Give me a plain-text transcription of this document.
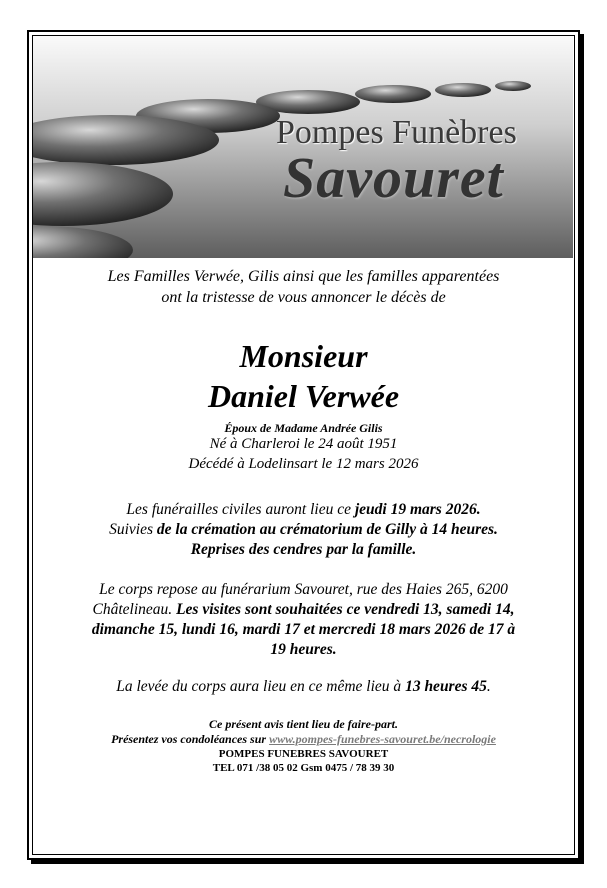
Pompes Funèbres
Savouret
Les Familles Verwée, Gilis ainsi que les familles apparentées
ont la tristesse de vous annoncer le décès de
Monsieur
Daniel Verwée
Époux de Madame Andrée Gilis
Né à Charleroi le 24 août 1951
Décédé à Lodelinsart le 12 mars 2026
Les funérailles civiles auront lieu ce jeudi 19 mars 2026.
Suivies de la crémation au crématorium de Gilly à 14 heures.
Reprises des cendres par la famille.
Le corps repose au funérarium Savouret, rue des Haies 265, 6200
Châtelineau. Les visites sont souhaitées ce vendredi 13, samedi 14,
dimanche 15, lundi 16, mardi 17 et mercredi 18 mars 2026 de 17 à
19 heures.
La levée du corps aura lieu en ce même lieu à 13 heures 45.
Ce présent avis tient lieu de faire-part.
Présentez vos condoléances sur www.pompes-funebres-savouret.be/necrologie
POMPES FUNEBRES SAVOURET
TEL 071 /38 05 02 Gsm 0475 / 78 39 30
